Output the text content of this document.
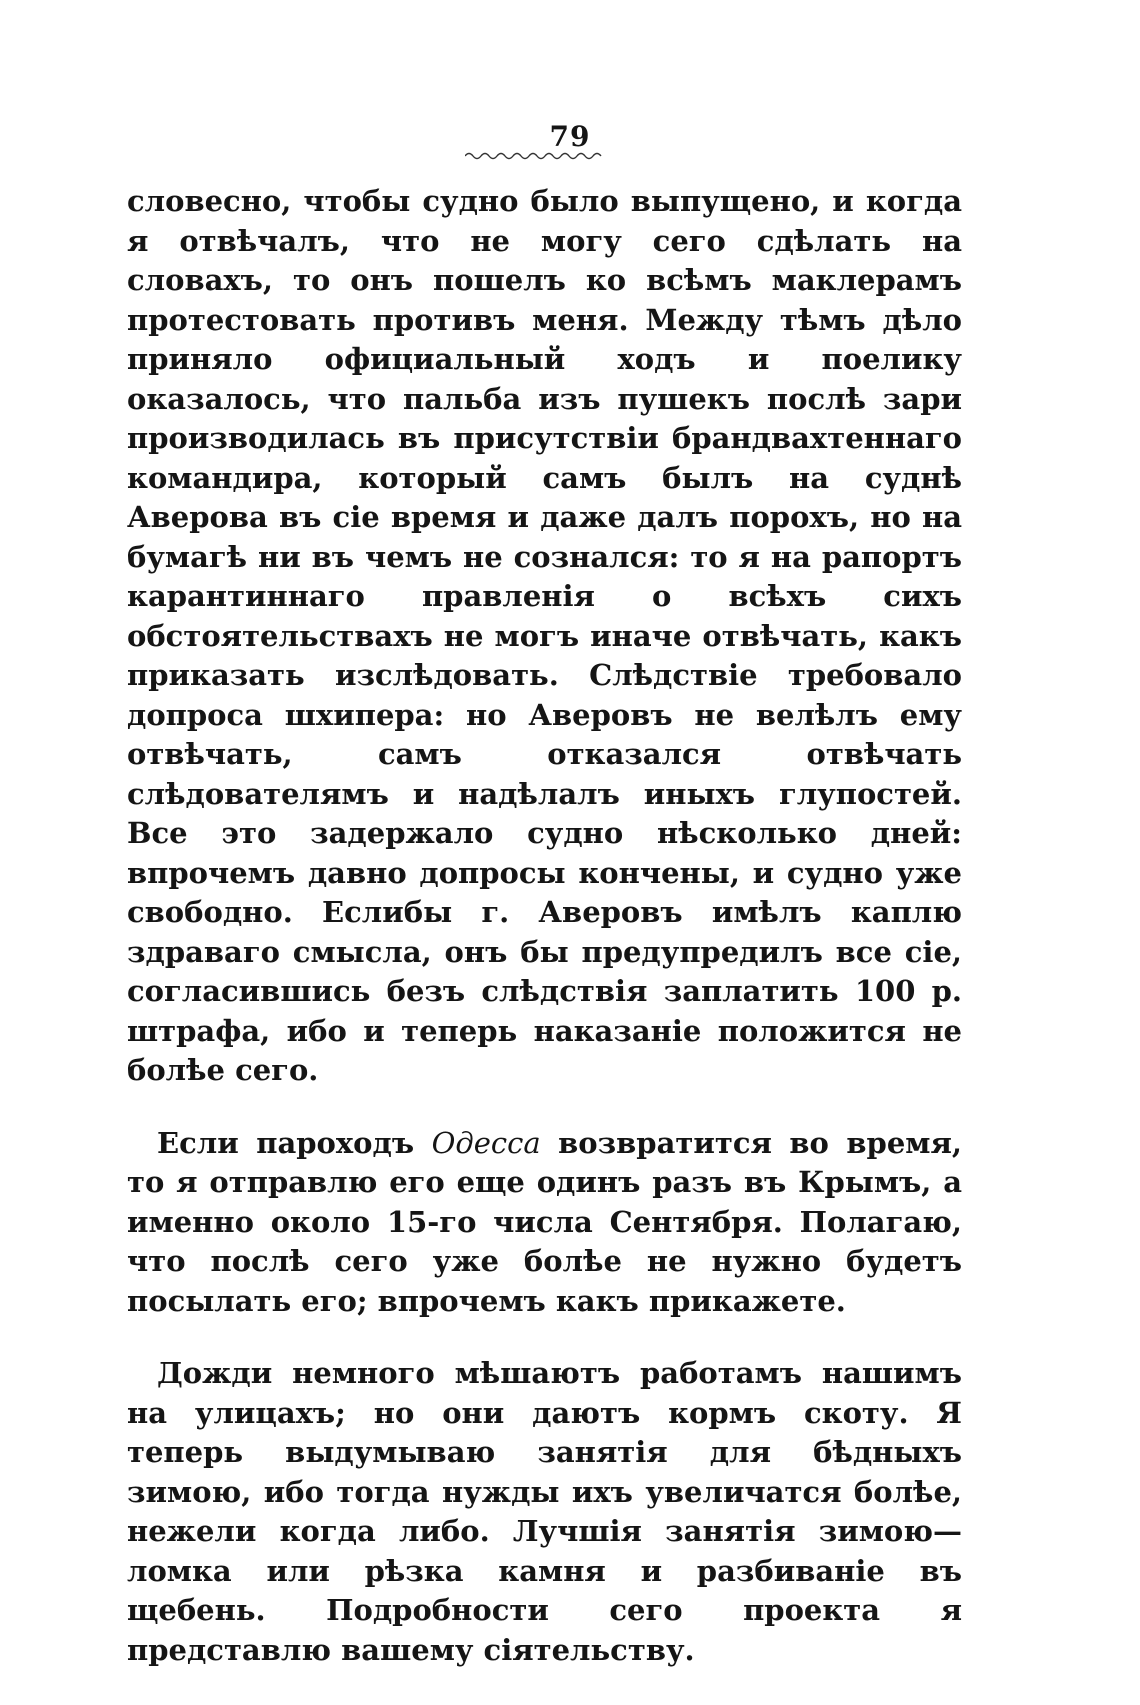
79

словесно, чтобы судно было выпущено, и когда я отвѣчалъ, что не могу сего сдѣлать на словахъ, то онъ пошелъ ко всѣмъ маклерамъ протестовать противъ меня. Между тѣмъ дѣло приняло официальный ходъ и поелику оказалось, что пальба изъ пушекъ послѣ зари производилась въ присутствіи брандвахтеннаго командира, который самъ былъ на суднѣ Аверова въ сіе время и даже далъ порохъ, но на бумагѣ ни въ чемъ не сознался: то я на рапортъ карантиннаго правленія о всѣхъ сихъ обстоятельствахъ не могъ иначе отвѣчать, какъ приказать изслѣдовать. Слѣдствіе требовало допроса шхипера: но Аверовъ не велѣлъ ему отвѣчать, самъ отказался отвѣчать слѣдователямъ и надѣлалъ иныхъ глупостей. Все это задержало судно нѣсколько дней: впрочемъ давно допросы кончены, и судно уже свободно. Еслибы г. Аверовъ имѣлъ каплю здраваго смысла, онъ бы предупредилъ все сіе, согласившись безъ слѣдствія заплатить 100 р. штрафа, ибо и теперь наказаніе положится не болѣе сего.

Если пароходъ Одесса возвратится во время, то я отправлю его еще одинъ разъ въ Крымъ, а именно около 15-го числа Сентября. Полагаю, что послѣ сего уже болѣе не нужно будетъ посылать его; впрочемъ какъ прикажете.

Дожди немного мѣшаютъ работамъ нашимъ на улицахъ; но они даютъ кормъ скоту. Я теперь выдумываю занятія для бѣдныхъ зимою, ибо тогда нужды ихъ увеличатся болѣе, нежели когда либо. Лучшія занятія зимою—ломка или рѣзка камня и разбиваніе въ щебень. Подробности сего проекта я представлю вашему сіятельству.
